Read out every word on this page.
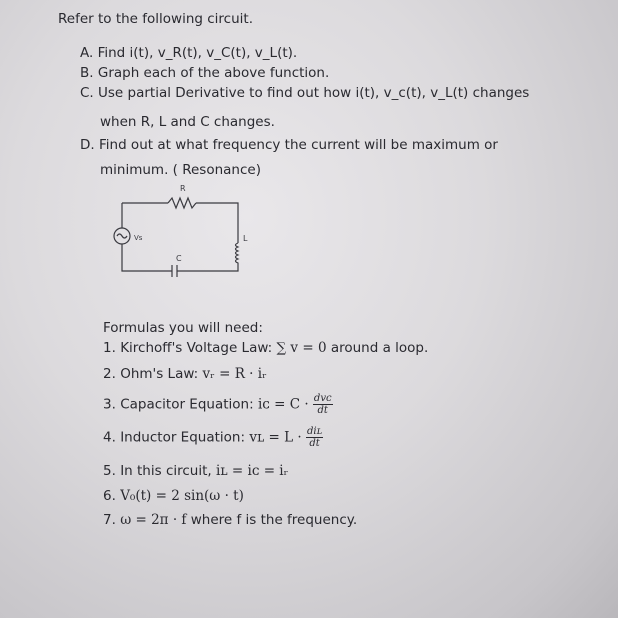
Refer to the following circuit.
A. Find i(t), v_R(t), v_C(t), v_L(t).
B. Graph each of the above function.
C. Use partial Derivative to find out how i(t), v_c(t), v_L(t) changes
when R, L and C changes.
D. Find out at what frequency the current will be maximum or
minimum. ( Resonance)
R
Vs	L
C
Formulas you will need:
1. Kirchoff's Voltage Law: ∑ v = 0 around a loop.
2. Ohm's Law: vᵣ = R · iᵣ
3. Capacitor Equation: iᴄ = $C \cdot \frac{\text{dvᴄ}}{dt}$
4. Inductor Equation: vʟ = $L \cdot \frac{\text{diʟ}}{dt}$
5. In this circuit, iʟ = iᴄ = iᵣ
6. V₀(t) = 2 sin(ω · t)
7. ω = 2π · f where f is the frequency.
